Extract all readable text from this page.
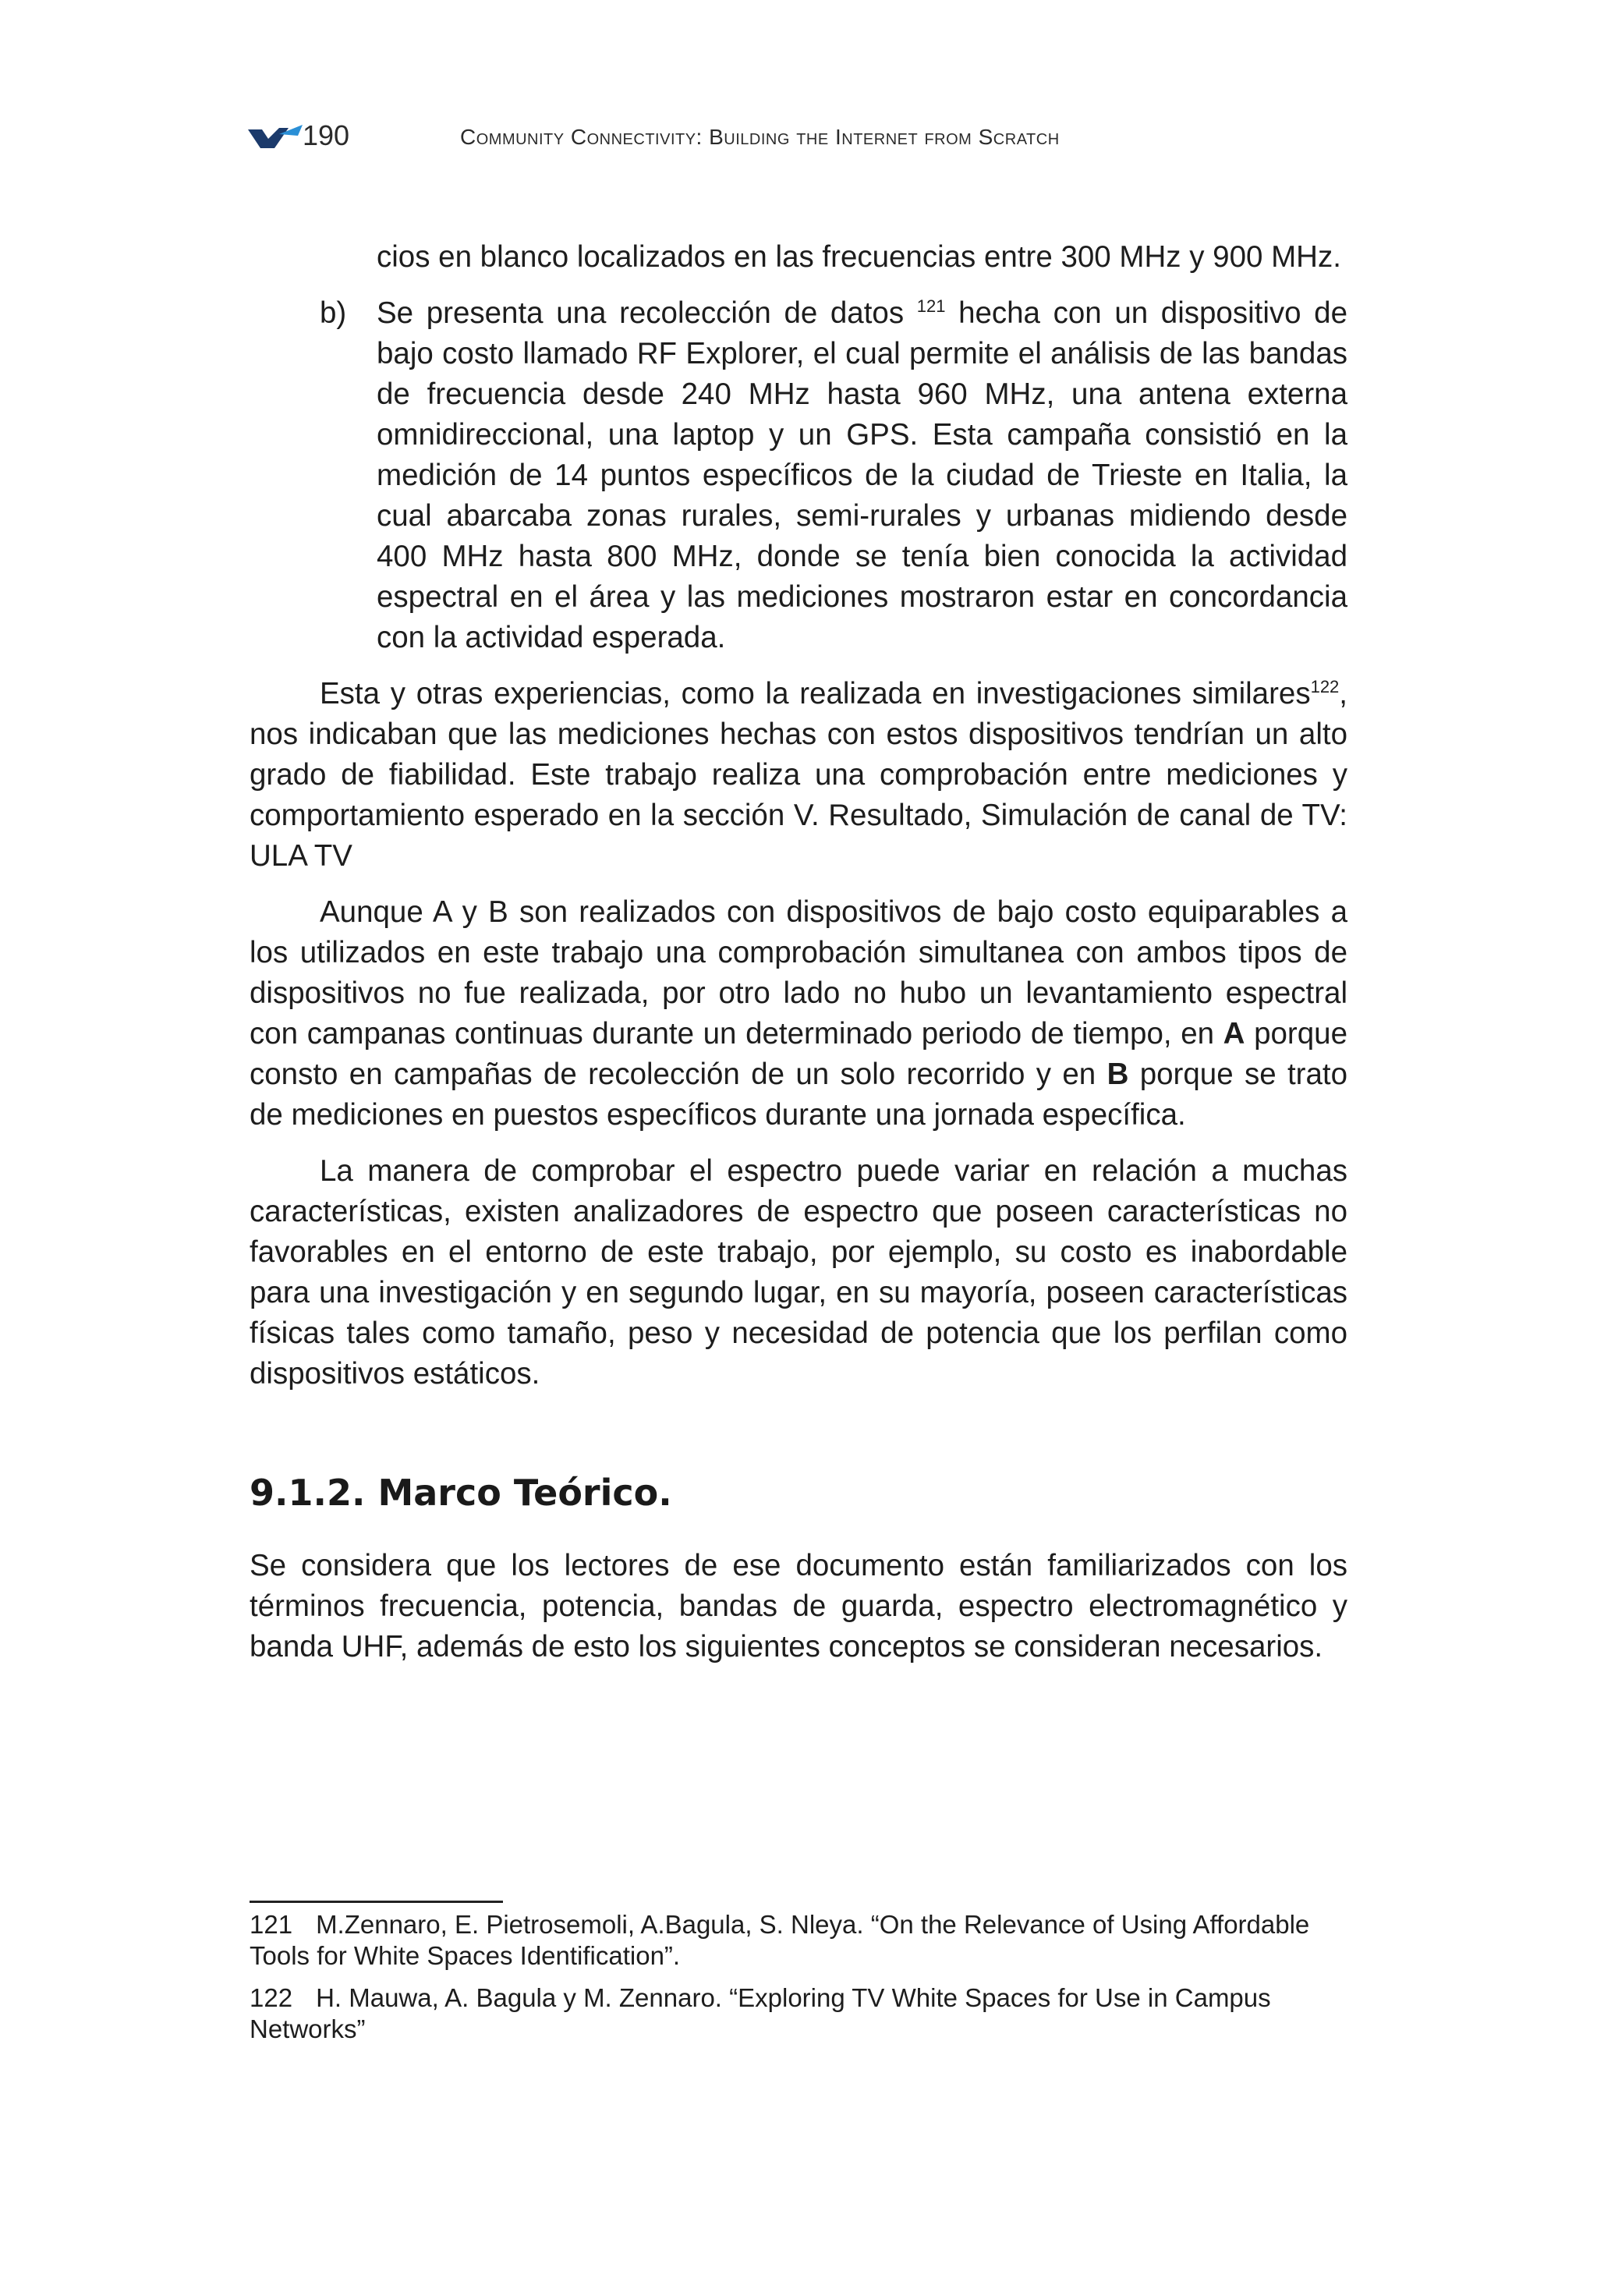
190	Community Connectivity: Building the Internet from Scratch

cios en blanco localizados en las frecuencias entre 300 MHz y 900 MHz.

b) Se presenta una recolección de datos $^{121}$ hecha con un dispositivo de bajo costo llamado RF Explorer, el cual permite el análisis de las bandas de frecuencia desde 240 MHz hasta 960 MHz, una antena externa omnidireccional, una laptop y un GPS. Esta campaña consistió en la medición de 14 puntos específicos de la ciudad de Trieste en Italia, la cual abarcaba zonas rurales, semi-rurales y urbanas midiendo desde 400 MHz hasta 800 MHz, donde se tenía bien conocida la actividad espectral en el área y las mediciones mostraron estar en concordancia con la actividad esperada.

Esta y otras experiencias, como la realizada en investigaciones similares$^{122}$, nos indicaban que las mediciones hechas con estos dispositivos tendrían un alto grado de fiabilidad. Este trabajo realiza una comprobación entre mediciones y comportamiento esperado en la sección V. Resultado, Simulación de canal de TV: ULA TV

Aunque A y B son realizados con dispositivos de bajo costo equiparables a los utilizados en este trabajo una comprobación simultanea con ambos tipos de dispositivos no fue realizada, por otro lado no hubo un levantamiento espectral con campanas continuas durante un determinado periodo de tiempo, en A porque consto en campañas de recolección de un solo recorrido y en B porque se trato de mediciones en puestos específicos durante una jornada específica.

La manera de comprobar el espectro puede variar en relación a muchas características, existen analizadores de espectro que poseen características no favorables en el entorno de este trabajo, por ejemplo, su costo es inabordable para una investigación y en segundo lugar, en su mayoría, poseen características físicas tales como tamaño, peso y necesidad de potencia que los perfilan como dispositivos estáticos.

9.1.2. Marco Teórico.

Se considera que los lectores de ese documento están familiarizados con los términos frecuencia, potencia, bandas de guarda, espectro electromagnético y banda UHF, además de esto los siguientes conceptos se consideran necesarios.

121 M.Zennaro, E. Pietrosemoli, A.Bagula, S. Nleya. “On the Relevance of Using Affordable Tools for White Spaces Identification”.

122 H. Mauwa, A. Bagula y M. Zennaro. “Exploring TV White Spaces for Use in Campus Networks”
